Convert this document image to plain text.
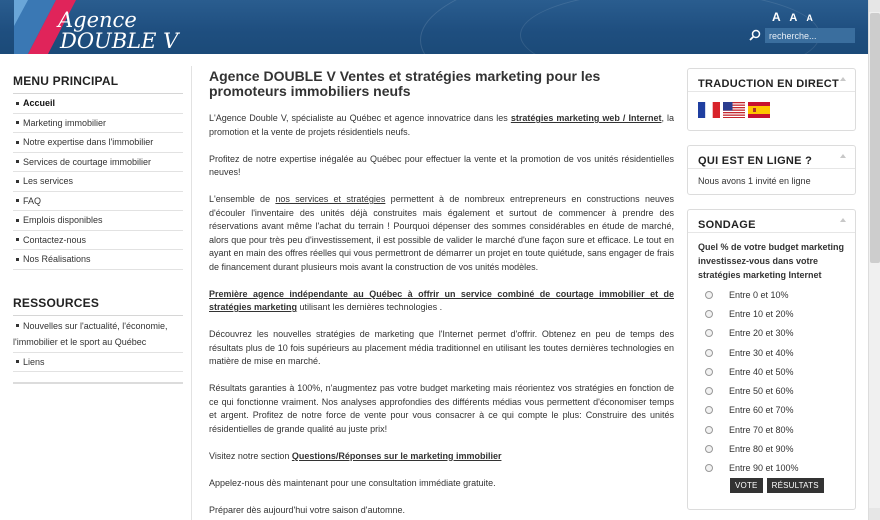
Agence
DOUBLE V
A A A
recherche...
MENU PRINCIPAL
Accueil
Marketing immobilier
Notre expertise dans l'immobilier
Services de courtage immobilier
Les services
FAQ
Emplois disponibles
Contactez-nous
Nos Réalisations
RESSOURCES
Nouvelles sur l'actualité, l'économie, l'immobilier et le sport au Québec
Liens
Agence DOUBLE V Ventes et stratégies marketing pour les promoteurs immobiliers neufs

L'Agence Double V, spécialiste au Québec et agence innovatrice dans les stratégies marketing web / Internet, la promotion et la vente de projets résidentiels neufs.

Profitez de notre expertise inégalée au Québec pour effectuer la vente et la promotion de vos unités résidentielles neuves!

L'ensemble de nos services et stratégies permettent à de nombreux entrepreneurs en constructions neuves d'écouler l'inventaire des unités déjà construites mais également et surtout de commencer à prendre des réservations avant même l'achat du terrain ! Pourquoi dépenser des sommes considérables en étude de marché, alors que pour très peu d'investissement, il est possible de valider le marché d'une façon sure et efficace. Le tout en ayant en main des offres réelles qui vous permettront de démarrer un projet en toute quiétude, sans engager de frais de financement durant plusieurs mois avant la construction de vos unités modèles.

Première agence indépendante au Québec à offrir un service combiné de courtage immobilier et de stratégies marketing utilisant les dernières technologies .

Découvrez les nouvelles stratégies de marketing que l'Internet permet d'offrir. Obtenez en peu de temps des résultats plus de 10 fois supérieurs au placement média traditionnel en utilisant les toutes dernières technologies en matière de mise en marché.

Résultats garanties à 100%, n'augmentez pas votre budget marketing mais réorientez vos stratégies en fonction de ce qui fonctionne vraiment. Nos analyses approfondies des différents médias vous permettent d'économiser temps et argent. Profitez de notre force de vente pour vous consacrer à ce qui compte le plus: Construire des unités résidentielles de grande qualité au juste prix!

Visitez notre section Questions/Réponses sur le marketing immobilier

Appelez-nous dès maintenant pour une consultation immédiate gratuite.

Préparer dès aujourd'hui votre saison d'automne.

TRADUCTION EN DIRECT
QUI EST EN LIGNE ?
Nous avons 1 invité en ligne
SONDAGE
Quel % de votre budget marketing investissez-vous dans votre stratégies marketing Internet
Entre 0 et 10%
Entre 10 et 20%
Entre 20 et 30%
Entre 30 et 40%
Entre 40 et 50%
Entre 50 et 60%
Entre 60 et 70%
Entre 70 et 80%
Entre 80 et 90%
Entre 90 et 100%
VOTE	RÉSULTATS
